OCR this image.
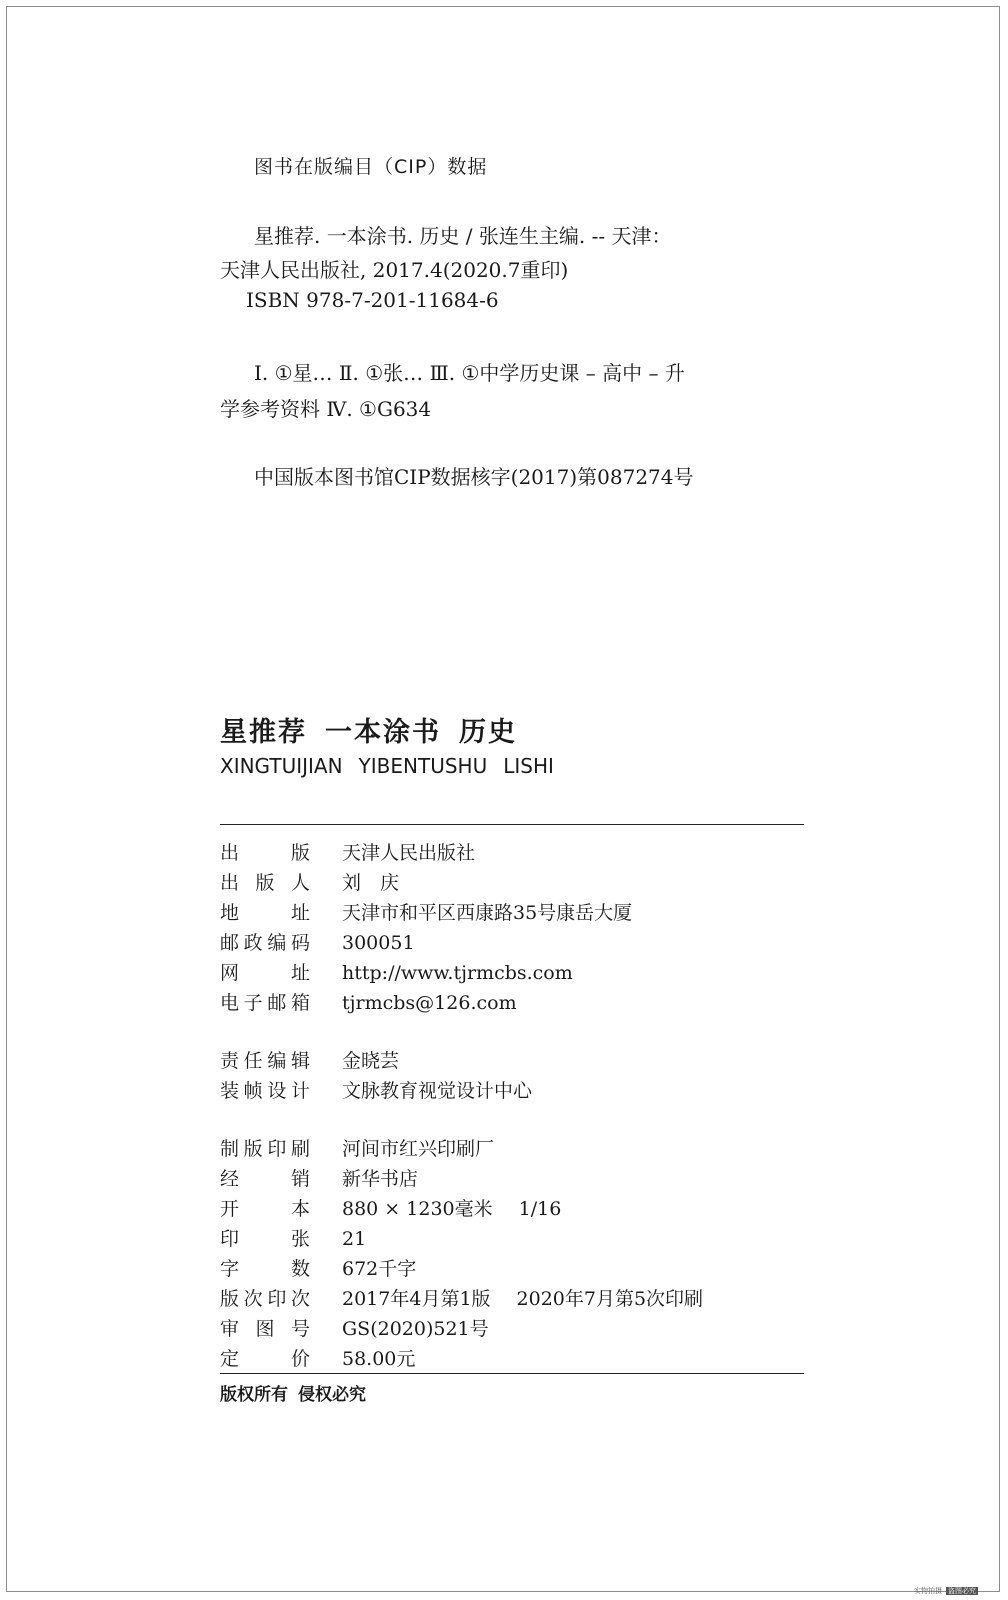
图书在版编目（CIP）数据
星推荐. 一本涂书. 历史 / 张连生主编. -- 天津：
天津人民出版社, 2017.4(2020.7重印)
ISBN 978-7-201-11684-6
Ⅰ. ①星… Ⅱ. ①张… Ⅲ. ①中学历史课 – 高中 – 升
学参考资料 Ⅳ. ①G634
中国版本图书馆CIP数据核字(2017)第087274号
星推荐 一本涂书 历史
XINGTUIJIAN YIBENTUSHU LISHI
出	版 天津人民出版社
出 版 人 刘　庆
地	址 天津市和平区西康路35号康岳大厦
邮 政 编 码 300051
网	址 http://www.tjrmcbs.com
电 子 邮 箱 tjrmcbs@126.com
责 任 编 辑 金晓芸
装 帧 设 计 文脉教育视觉设计中心
制 版 印 刷 河间市红兴印刷厂
经	销 新华书店
开	本 880 × 1230毫米 1/16
印	张 21
字	数 672千字
版 次 印 次 2017年4月第1版 2020年7月第5次印刷
审 图 号 GS(2020)521号
定	价 58.00元
版权所有 侵权必究
实物拍摄 盗图必究
